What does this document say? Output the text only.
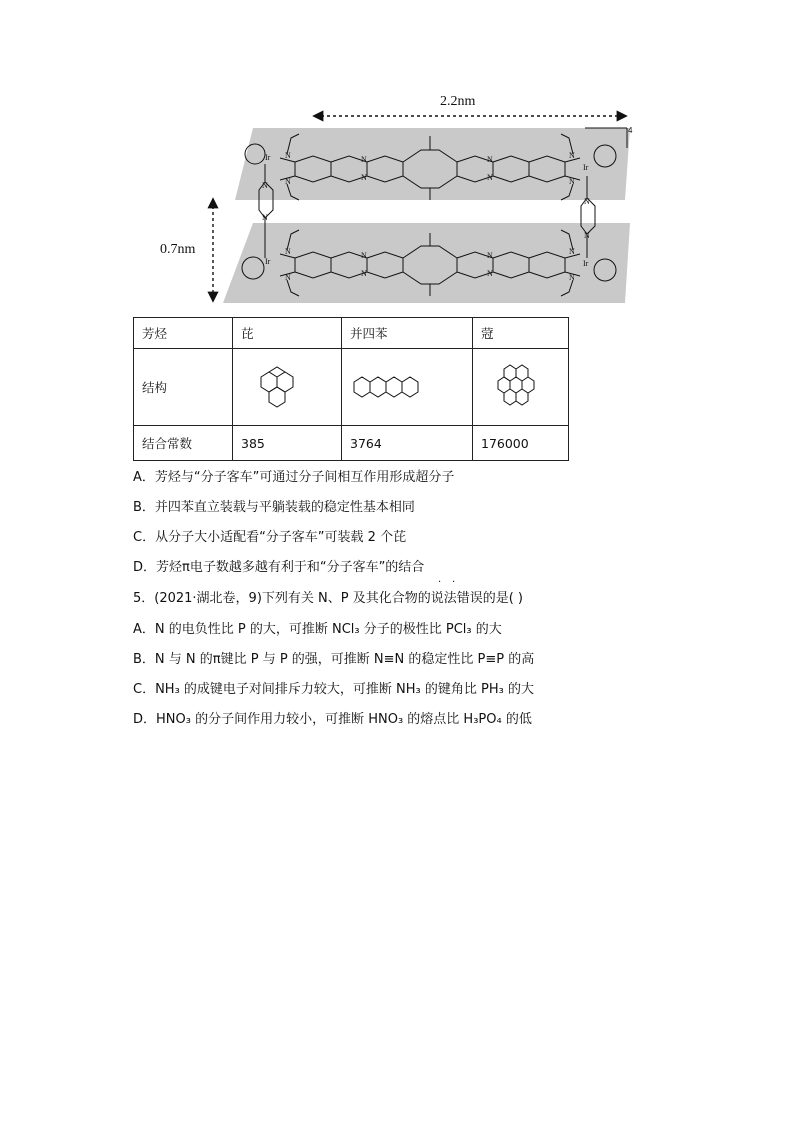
Ir
Ir
Ir	Ir
N
N
N
N
N
N
N
N
N
N
N
N
N
N
N
N
N
N
N
N
2.2nm
0.7nm
4
芳烃	芘	并四苯	蒄
结构	

结合常数	385	3764	176000
A．芳烃与“分子客车”可通过分子间相互作用形成超分子
B．并四苯直立装载与平躺装载的稳定性基本相同
C．从分子大小适配看“分子客车”可装载 2 个芘
D．芳烃π电子数越多越有利于和“分子客车”的结合
· ·
5．(2021·湖北卷，9)下列有关 N、P 及其化合物的说法错误的是( )
A．N 的电负性比 P 的大，可推断 NCl₃ 分子的极性比 PCl₃ 的大
B．N 与 N 的π键比 P 与 P 的强，可推断 N≡N 的稳定性比 P≡P 的高
C．NH₃ 的成键电子对间排斥力较大，可推断 NH₃ 的键角比 PH₃ 的大
D．HNO₃ 的分子间作用力较小，可推断 HNO₃ 的熔点比 H₃PO₄ 的低
